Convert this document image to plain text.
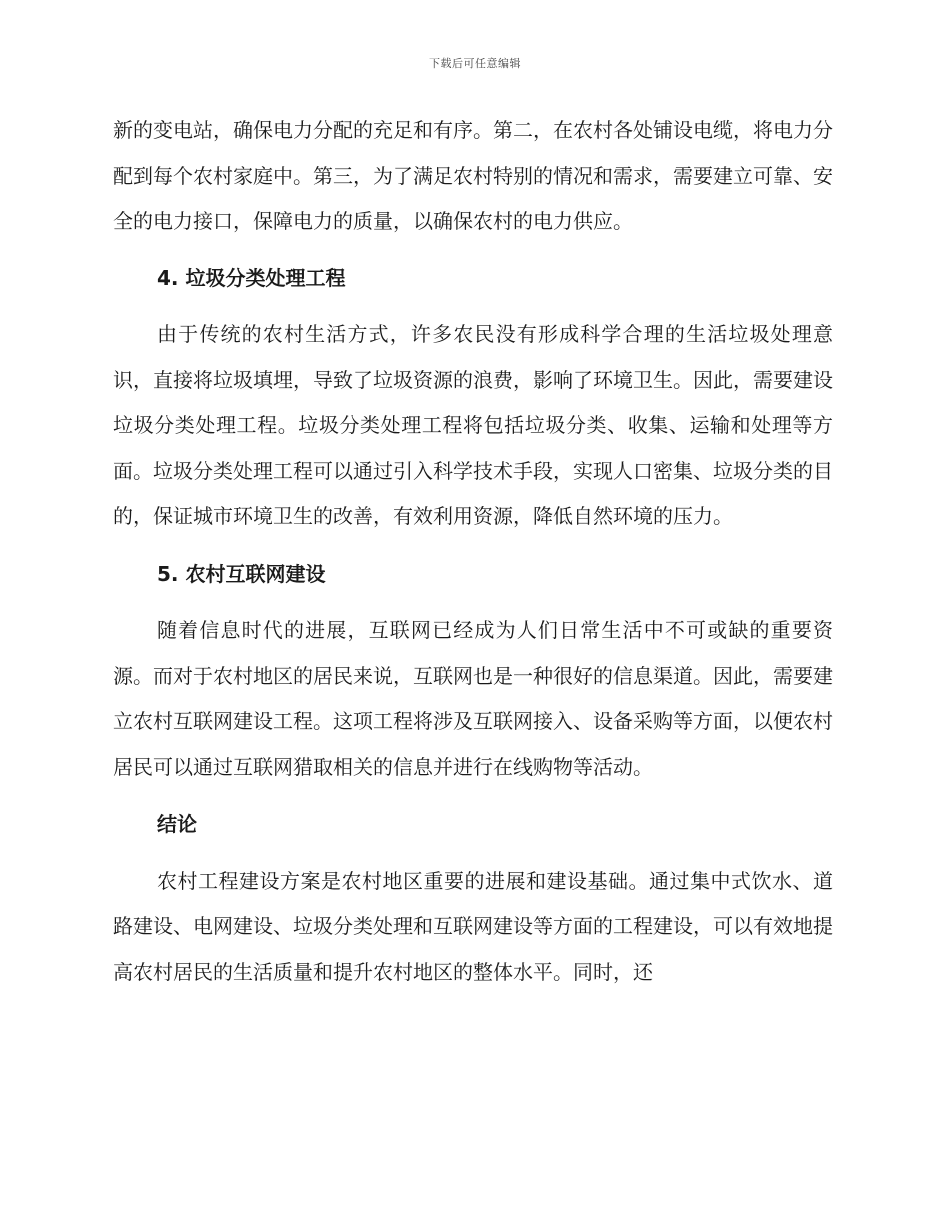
下载后可任意编辑

新的变电站，确保电力分配的充足和有序。第二，在农村各处铺设电缆，将电力分配到每个农村家庭中。第三，为了满足农村特别的情况和需求，需要建立可靠、安全的电力接口，保障电力的质量，以确保农村的电力供应。

4. 垃圾分类处理工程

由于传统的农村生活方式，许多农民没有形成科学合理的生活垃圾处理意识，直接将垃圾填埋，导致了垃圾资源的浪费，影响了环境卫生。因此，需要建设垃圾分类处理工程。垃圾分类处理工程将包括垃圾分类、收集、运输和处理等方面。垃圾分类处理工程可以通过引入科学技术手段，实现人口密集、垃圾分类的目的，保证城市环境卫生的改善，有效利用资源，降低自然环境的压力。

5. 农村互联网建设

随着信息时代的进展，互联网已经成为人们日常生活中不可或缺的重要资源。而对于农村地区的居民来说，互联网也是一种很好的信息渠道。因此，需要建立农村互联网建设工程。这项工程将涉及互联网接入、设备采购等方面，以便农村居民可以通过互联网猎取相关的信息并进行在线购物等活动。

结论

农村工程建设方案是农村地区重要的进展和建设基础。通过集中式饮水、道路建设、电网建设、垃圾分类处理和互联网建设等方面的工程建设，可以有效地提高农村居民的生活质量和提升农村地区的整体水平。同时，还
